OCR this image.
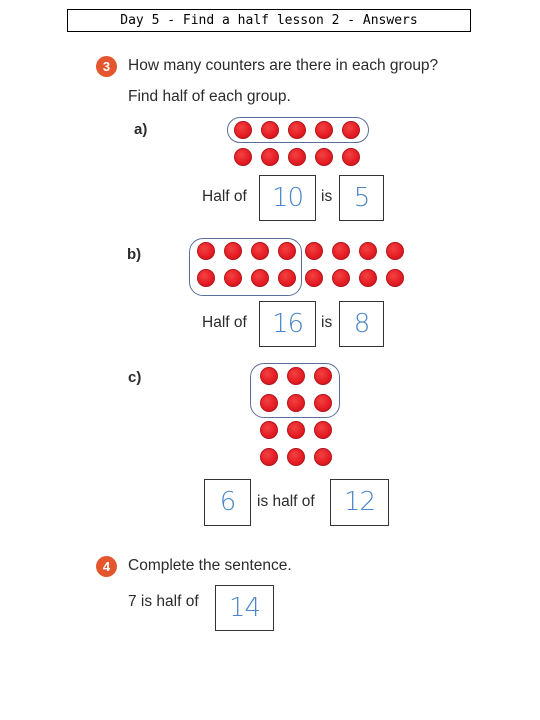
Day 5 - Find a half lesson 2 - Answers
3	How many counters are there in each group?
Find half of each group.
a)
Half of 10	is 5
b)
Half of 16	is 8
c)
6	is half of	12
4	Complete the sentence.
7 is half of	14
